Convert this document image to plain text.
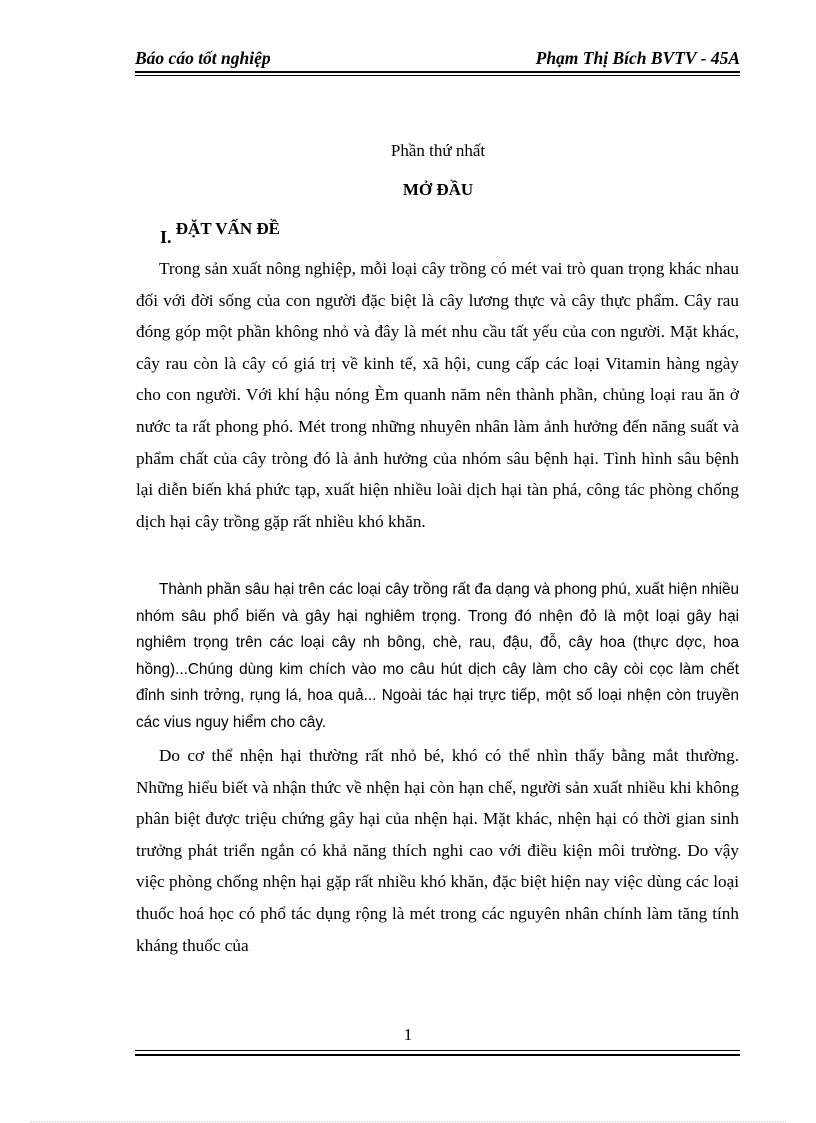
Báo cáo tốt nghiệp	Phạm Thị Bích BVTV - 45A
Phần thứ nhất
MỞ ĐẦU
I. ĐẶT VẤN ĐỀ
Trong sản xuất nông nghiệp, mỗi loại cây trồng có mét vai trò quan trọng khác nhau đối với đời sống của con người đặc biệt là cây lương thực và cây thực phẩm. Cây rau đóng góp một phần không nhỏ và đây là mét nhu cầu tất yếu của con người. Mặt khác, cây rau còn là cây có giá trị về kinh tế, xã hội, cung cấp các loại Vitamin hàng ngày cho con người. Với khí hậu nóng Èm quanh năm nên thành phần, chủng loại rau ăn ở nước ta rất phong phó. Mét trong những nhuyên nhân làm ảnh hưởng đến năng suất và phẩm chất của cây tròng đó là ảnh hưởng của nhóm sâu bệnh hại. Tình hình sâu bệnh lại diễn biến khá phức tạp, xuất hiện nhiều loài dịch hại tàn phá, công tác phòng chống dịch hại cây trồng gặp rất nhiều khó khăn.
Thành phần sâu hại trên các loại cây trồng rất đa dạng và phong phú, xuất hiện nhiều nhóm sâu phổ biến và gây hại nghiêm trọng. Trong đó nhện đỏ là một loại gây hại nghiêm trọng trên các loại cây nh bông, chè, rau, đậu, đỗ, cây hoa (thực dợc, hoa hồng)...Chúng dùng kim chích vào mo câu hút dịch cây làm cho cây còi cọc làm chết đỉnh sinh trởng, rụng lá, hoa quả... Ngoài tác hại trực tiếp, một số loại nhện còn truyền các vius nguy hiểm cho cây.
Do cơ thể nhện hại thường rất nhỏ bé, khó có thể nhìn thấy bằng mắt thường. Những hiểu biết và nhận thức về nhện hại còn hạn chế, người sản xuất nhiều khi không phân biệt được triệu chứng gây hại của nhện hại. Mặt khác, nhện hại có thời gian sinh trưởng phát triển ngắn có khả năng thích nghi cao với điều kiện môi trường. Do vậy việc phòng chống nhện hại gặp rất nhiều khó khăn, đặc biệt hiện nay việc dùng các loại thuốc hoá học có phổ tác dụng rộng là mét trong các nguyên nhân chính làm tăng tính kháng thuốc của
1
